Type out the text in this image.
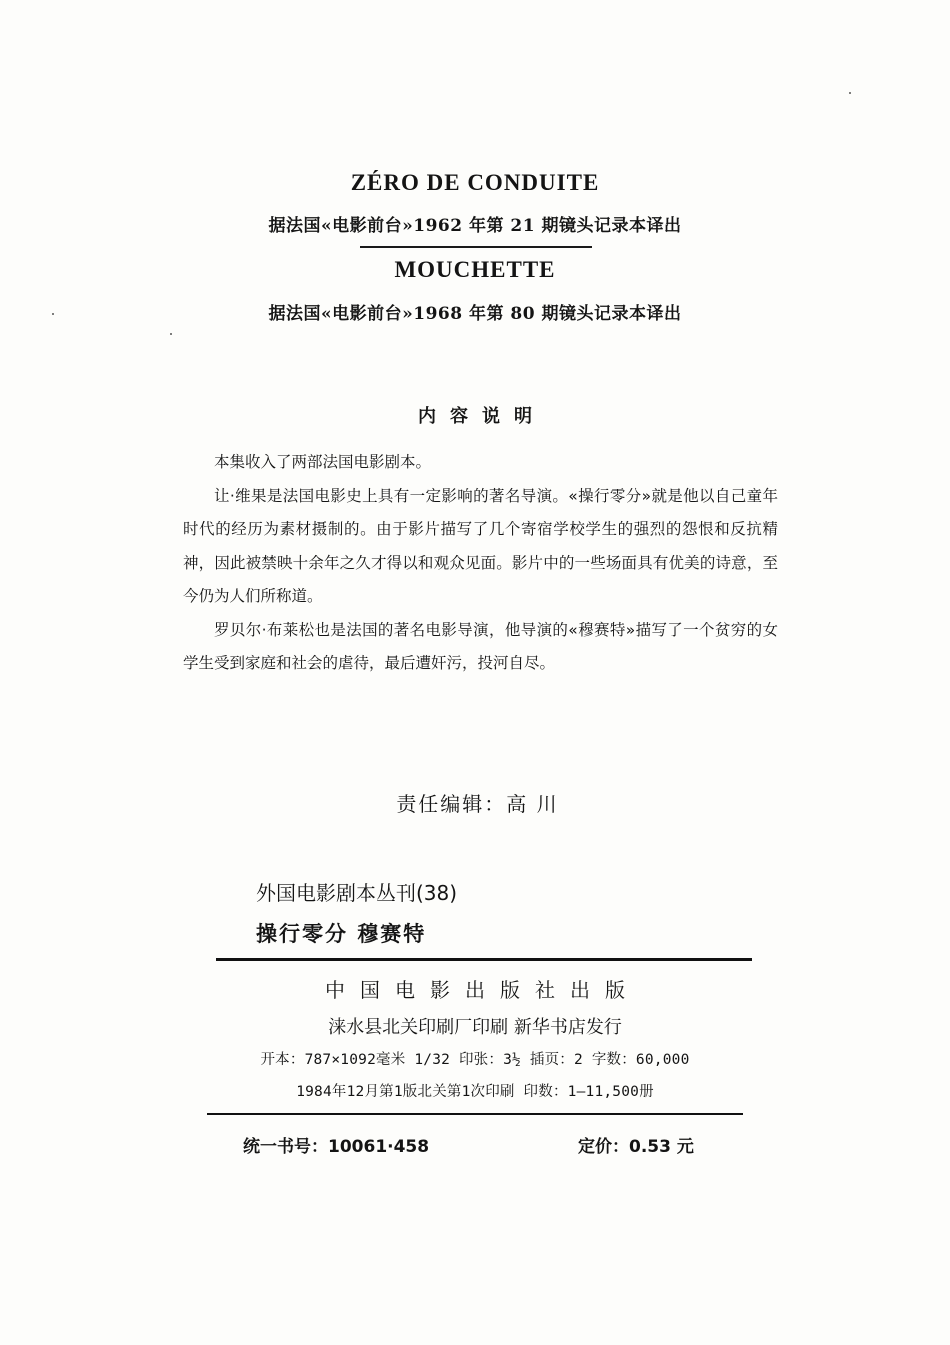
ZÉRO DE CONDUITE
据法国«电影前台»1962 年第 21 期镜头记录本译出
MOUCHETTE
据法国«电影前台»1968 年第 80 期镜头记录本译出
内容说明

本集收入了两部法国电影剧本。

让·维果是法国电影史上具有一定影响的著名导演。«操行零分»就是他以自己童年时代的经历为素材摄制的。由于影片描写了几个寄宿学校学生的强烈的怨恨和反抗精神，因此被禁映十余年之久才得以和观众见面。影片中的一些场面具有优美的诗意，至今仍为人们所称道。

罗贝尔·布莱松也是法国的著名电影导演，他导演的«穆赛特»描写了一个贫穷的女学生受到家庭和社会的虐待，最后遭奸污，投河自尽。

责任编辑：高 川
外国电影剧本丛刊(38)
操行零分 穆赛特
中国电影出版社出版
涞水县北关印刷厂印刷 新华书店发行
开本：787×1092毫米 1/32 印张：3½ 插页：2 字数：60,000
1984年12月第1版北关第1次印刷 印数：1—11,500册
统一书号：10061·458	定价：0.53 元
